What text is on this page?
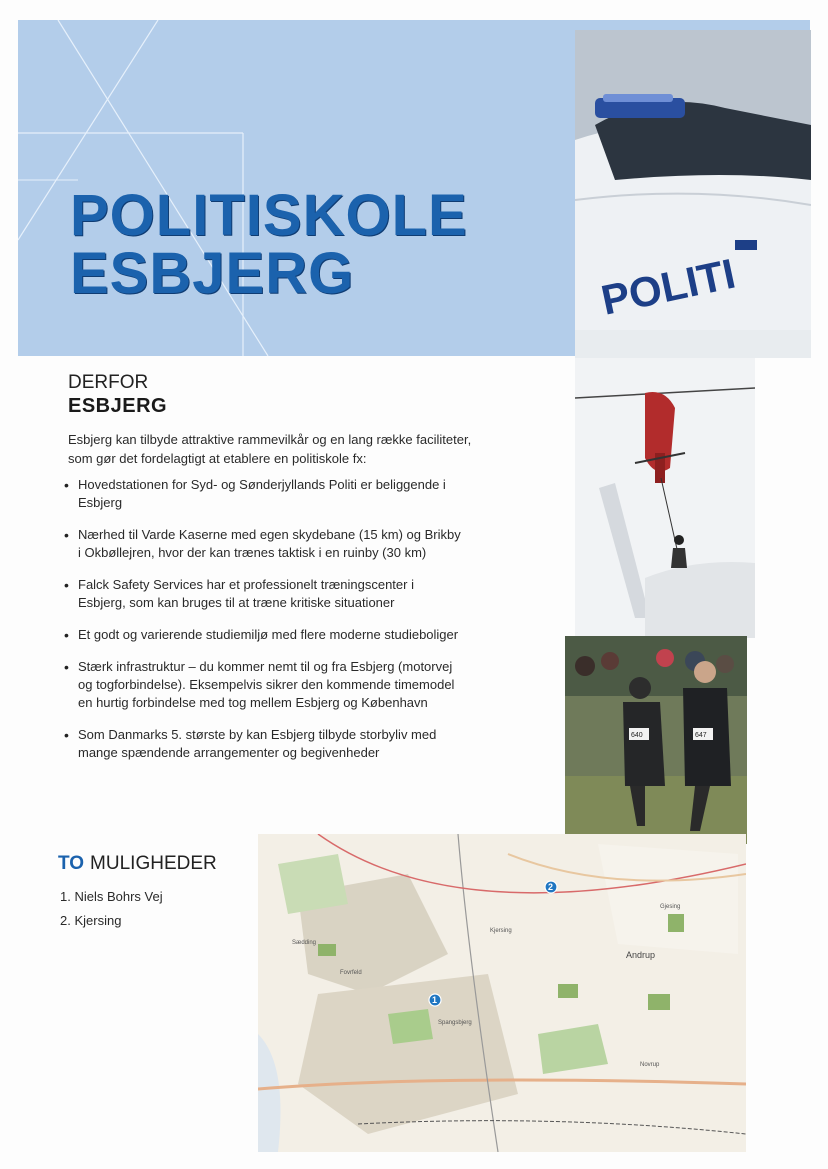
POLITISKOLE
ESBJERG	POLITI
640	647
DERFOR
ESBJERG
Esbjerg kan tilbyde attraktive rammevilkår og en lang række faciliteter, som gør det fordelagtigt at etablere en politiskole fx:
• Hovedstationen for Syd- og Sønderjyllands Politi er beliggende i Esbjerg
• Nærhed til Varde Kaserne med egen skydebane (15 km) og Brikby i Okbøllejren, hvor der kan trænes taktisk i en ruinby (30 km)
• Falck Safety Services har et professionelt træningscenter i Esbjerg, som kan bruges til at træne kritiske situationer
• Et godt og varierende studiemiljø med flere moderne studieboliger
• Stærk infrastruktur – du kommer nemt til og fra Esbjerg (motorvej og togforbindelse). Eksempelvis sikrer den kommende timemodel en hurtig forbindelse med tog mellem Esbjerg og København
• Som Danmarks 5. største by kan Esbjerg tilbyde storbyliv med mange spændende arrangementer og begivenheder
TO MULIGHEDER
1. Niels Bohrs Vej
2. Kjersing
Andrup
Kjersing
Fovrfeld
Spangsbjerg
Sædding
Novrup
Gjesing
1
2
